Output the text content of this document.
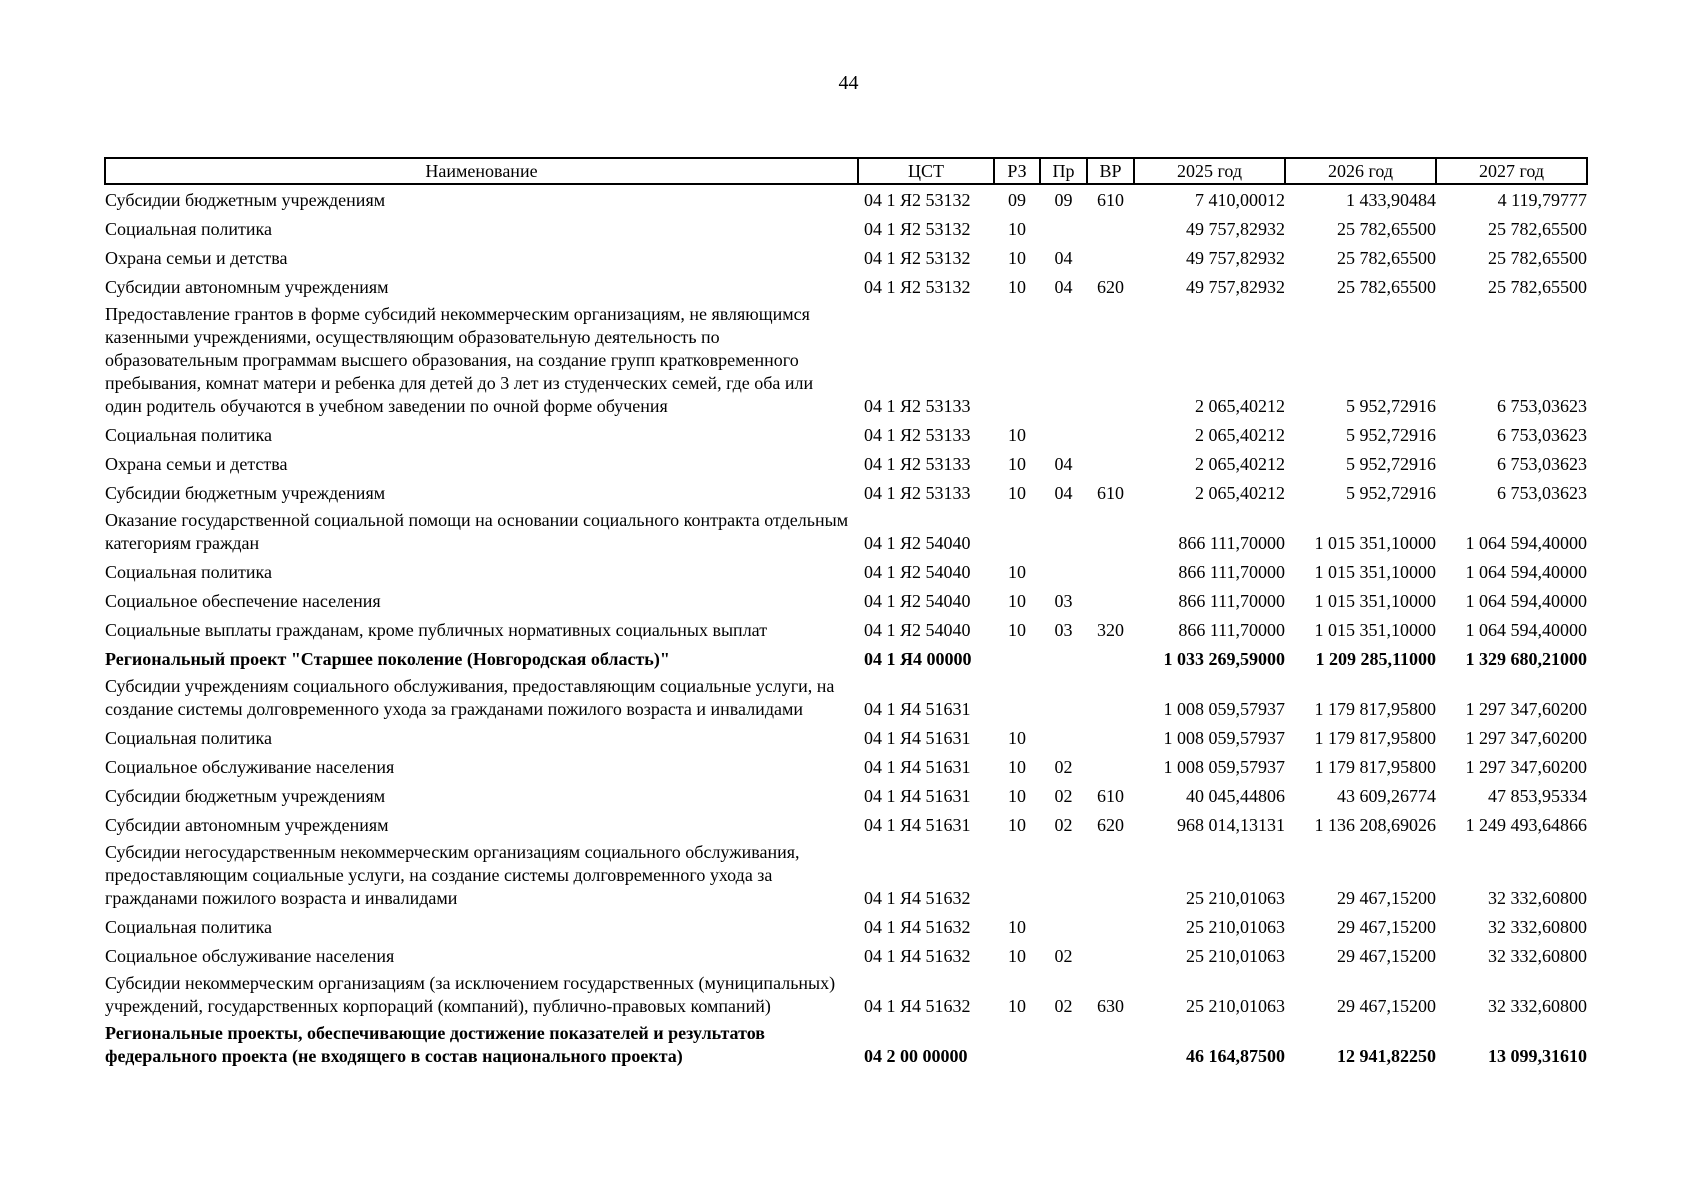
44
Наименование	ЦСТ	РЗ	Пр	ВР	2025 год	2026 год	2027 год
Субсидии бюджетным учреждениям	04 1 Я2 53132	09	09	610	7 410,00012	1 433,90484	4 119,79777
Социальная политика	04 1 Я2 53132	10			49 757,82932	25 782,65500	25 782,65500
Охрана семьи и детства	04 1 Я2 53132	10	04		49 757,82932	25 782,65500	25 782,65500
Субсидии автономным учреждениям	04 1 Я2 53132	10	04	620	49 757,82932	25 782,65500	25 782,65500
Предоставление грантов в форме субсидий некоммерческим организациям, не являющимся казенными учреждениями, осуществляющим образовательную деятельность по образовательным программам высшего образования, на создание групп кратковременного пребывания, комнат матери и ребенка для детей до 3 лет из студенческих семей, где оба или один родитель обучаются в учебном заведении по очной форме обучения	04 1 Я2 53133				2 065,40212	5 952,72916	6 753,03623
Социальная политика	04 1 Я2 53133	10			2 065,40212	5 952,72916	6 753,03623
Охрана семьи и детства	04 1 Я2 53133	10	04		2 065,40212	5 952,72916	6 753,03623
Субсидии бюджетным учреждениям	04 1 Я2 53133	10	04	610	2 065,40212	5 952,72916	6 753,03623
Оказание государственной социальной помощи на основании социального контракта отдельным категориям граждан	04 1 Я2 54040				866 111,70000	1 015 351,10000	1 064 594,40000
Социальная политика	04 1 Я2 54040	10			866 111,70000	1 015 351,10000	1 064 594,40000
Социальное обеспечение населения	04 1 Я2 54040	10	03		866 111,70000	1 015 351,10000	1 064 594,40000
Социальные выплаты гражданам, кроме публичных нормативных социальных выплат	04 1 Я2 54040	10	03	320	866 111,70000	1 015 351,10000	1 064 594,40000
Региональный проект "Старшее поколение (Новгородская область)"	04 1 Я4 00000				1 033 269,59000	1 209 285,11000	1 329 680,21000
Субсидии учреждениям социального обслуживания, предоставляющим социальные услуги, на создание системы долговременного ухода за гражданами пожилого возраста и инвалидами	04 1 Я4 51631				1 008 059,57937	1 179 817,95800	1 297 347,60200
Социальная политика	04 1 Я4 51631	10			1 008 059,57937	1 179 817,95800	1 297 347,60200
Социальное обслуживание населения	04 1 Я4 51631	10	02		1 008 059,57937	1 179 817,95800	1 297 347,60200
Субсидии бюджетным учреждениям	04 1 Я4 51631	10	02	610	40 045,44806	43 609,26774	47 853,95334
Субсидии автономным учреждениям	04 1 Я4 51631	10	02	620	968 014,13131	1 136 208,69026	1 249 493,64866
Субсидии негосударственным некоммерческим организациям социального обслуживания, предоставляющим социальные услуги, на создание системы долговременного ухода за гражданами пожилого возраста и инвалидами	04 1 Я4 51632				25 210,01063	29 467,15200	32 332,60800
Социальная политика	04 1 Я4 51632	10			25 210,01063	29 467,15200	32 332,60800
Социальное обслуживание населения	04 1 Я4 51632	10	02		25 210,01063	29 467,15200	32 332,60800
Субсидии некоммерческим организациям (за исключением государственных (муниципальных) учреждений, государственных корпораций (компаний), публично-правовых компаний)	04 1 Я4 51632	10	02	630	25 210,01063	29 467,15200	32 332,60800
Региональные проекты, обеспечивающие достижение показателей и результатов федерального проекта (не входящего в состав национального проекта)	04 2 00 00000				46 164,87500	12 941,82250	13 099,31610
